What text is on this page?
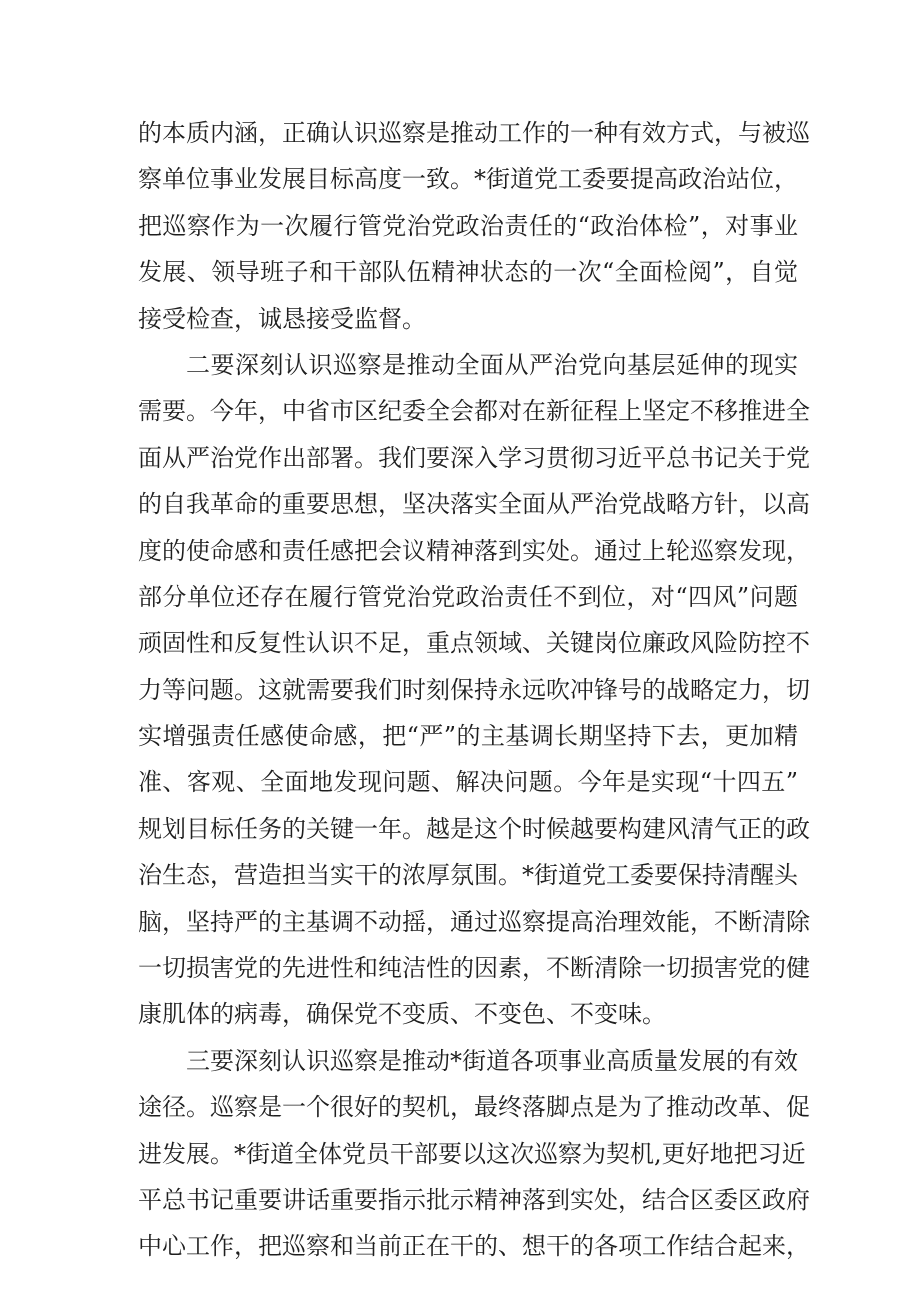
的本质内涵，正确认识巡察是推动工作的一种有效方式，与被巡
察单位事业发展目标高度一致。*街道党工委要提高政治站位，
把巡察作为一次履行管党治党政治责任的“政治体检”，对事业
发展、领导班子和干部队伍精神状态的一次“全面检阅”，自觉
接受检查，诚恳接受监督。
二要深刻认识巡察是推动全面从严治党向基层延伸的现实
需要。今年，中省市区纪委全会都对在新征程上坚定不移推进全
面从严治党作出部署。我们要深入学习贯彻习近平总书记关于党
的自我革命的重要思想，坚决落实全面从严治党战略方针，以高
度的使命感和责任感把会议精神落到实处。通过上轮巡察发现，
部分单位还存在履行管党治党政治责任不到位，对“四风”问题
顽固性和反复性认识不足，重点领域、关键岗位廉政风险防控不
力等问题。这就需要我们时刻保持永远吹冲锋号的战略定力，切
实增强责任感使命感，把“严”的主基调长期坚持下去，更加精
准、客观、全面地发现问题、解决问题。今年是实现“十四五”
规划目标任务的关键一年。越是这个时候越要构建风清气正的政
治生态，营造担当实干的浓厚氛围。*街道党工委要保持清醒头
脑，坚持严的主基调不动摇，通过巡察提高治理效能，不断清除
一切损害党的先进性和纯洁性的因素，不断清除一切损害党的健
康肌体的病毒，确保党不变质、不变色、不变味。
三要深刻认识巡察是推动*街道各项事业高质量发展的有效
途径。巡察是一个很好的契机，最终落脚点是为了推动改革、促
进发展。*街道全体党员干部要以这次巡察为契机,更好地把习近
平总书记重要讲话重要指示批示精神落到实处，结合区委区政府
中心工作，把巡察和当前正在干的、想干的各项工作结合起来，
